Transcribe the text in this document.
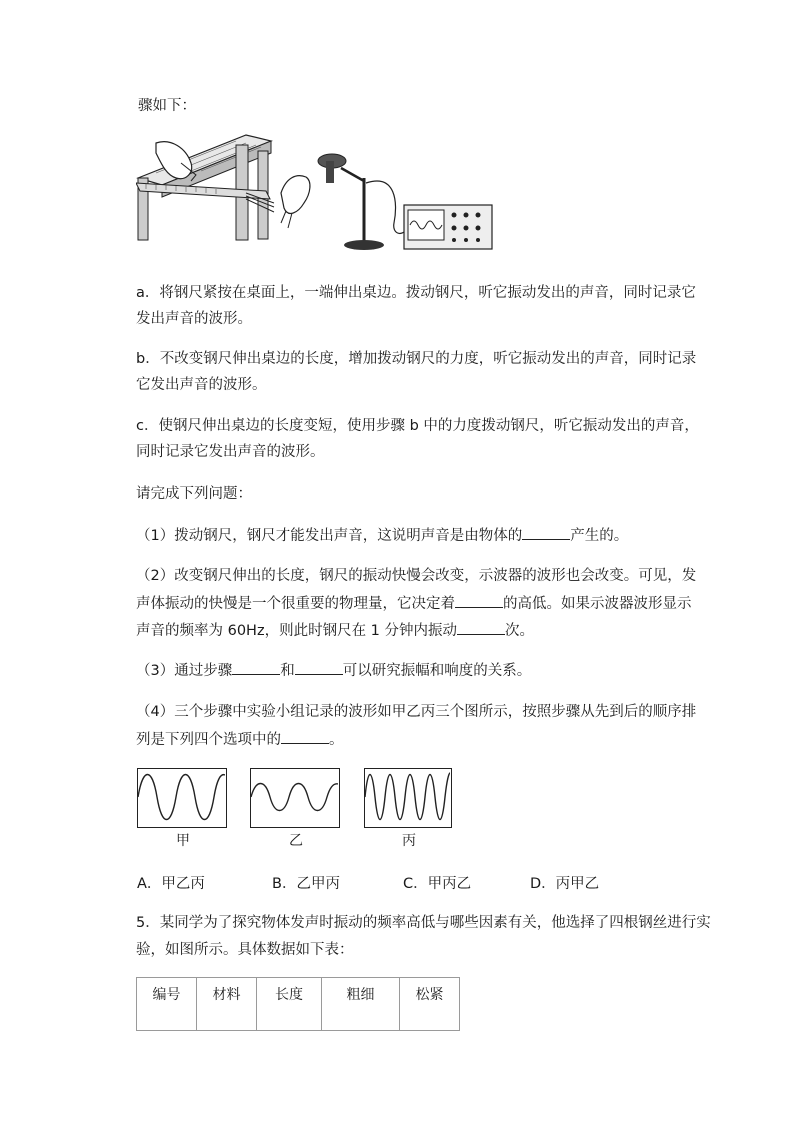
骤如下：
a．将钢尺紧按在桌面上，一端伸出桌边。拨动钢尺，听它振动发出的声音，同时记录它
发出声音的波形。
b．不改变钢尺伸出桌边的长度，增加拨动钢尺的力度，听它振动发出的声音，同时记录
它发出声音的波形。
c．使钢尺伸出桌边的长度变短，使用步骤 b 中的力度拨动钢尺，听它振动发出的声音，
同时记录它发出声音的波形。
请完成下列问题：
（1）拨动钢尺，钢尺才能发出声音，这说明声音是由物体的	产生的。
（2）改变钢尺伸出的长度，钢尺的振动快慢会改变，示波器的波形也会改变。可见，发
声体振动的快慢是一个很重要的物理量，它决定着	的高低。如果示波器波形显示
声音的频率为 60Hz，则此时钢尺在 1 分钟内振动	次。
（3）通过步骤	和	可以研究振幅和响度的关系。
（4）三个步骤中实验小组记录的波形如甲乙丙三个图所示，按照步骤从先到后的顺序排
列是下列四个选项中的	。
甲	乙	丙
A．甲乙丙	B．乙甲丙	C．甲丙乙	D．丙甲乙
5．某同学为了探究物体发声时振动的频率高低与哪些因素有关，他选择了四根钢丝进行实
验，如图所示。具体数据如下表：
编号	材料	长度	粗细	松紧
